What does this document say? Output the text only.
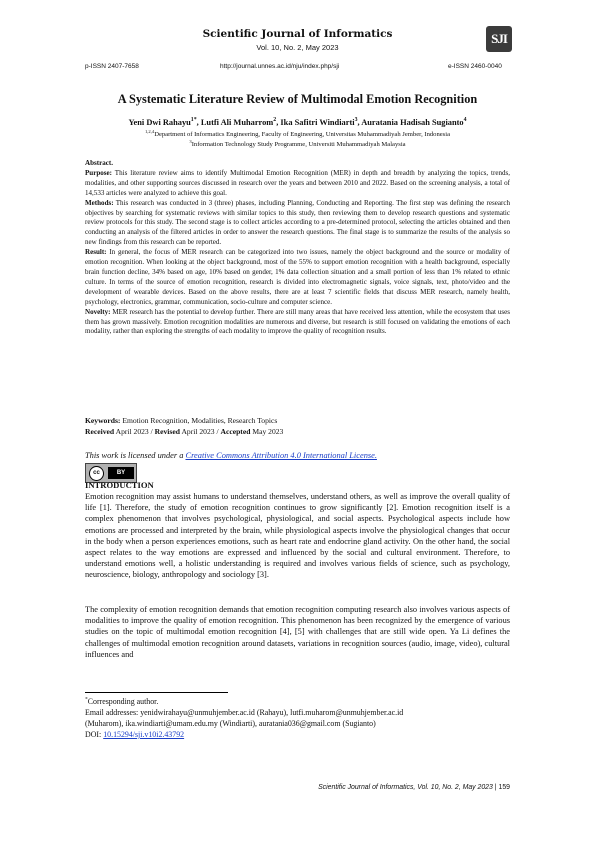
Scientific Journal of Informatics
Vol. 10, No. 2, May 2023
SJI
p-ISSN 2407-7658	http://journal.unnes.ac.id/nju/index.php/sji	e-ISSN 2460-0040
A Systematic Literature Review of Multimodal Emotion Recognition
Yeni Dwi Rahayu$^{1*}$, Lutfi Ali Muharrom$^2$, Ika Safitri Windiarti$^3$, Auratania Hadisah Sugianto$^4$
$^{1,2,4}$Department of Informatics Engineering, Faculty of Engineering, Universitas Muhammadiyah Jember, Indonesia
$^3$Information Technology Study Programme, Universiti Muhammadiyah Malaysia

Abstract.

Purpose: This literature review aims to identify Multimodal Emotion Recognition (MER) in depth and breadth by analyzing the topics, trends, modalities, and other supporting sources discussed in research over the years and between 2010 and 2022. Based on the screening analysis, a total of 14,533 articles were analyzed to achieve this goal.

Methods: This research was conducted in 3 (three) phases, including Planning, Conducting and Reporting. The first step was defining the research objectives by searching for systematic reviews with similar topics to this study, then reviewing them to develop research questions and systematic review protocols for this study. The second stage is to collect articles according to a pre-determined protocol, selecting the articles obtained and then conducting an analysis of the filtered articles in order to answer the research questions. The final stage is to summarize the results of the analysis so new findings from this research can be reported.

Result: In general, the focus of MER research can be categorized into two issues, namely the object background and the source or modality of emotion recognition. When looking at the object background, most of the 55% to support emotion recognition with a health background, especially brain function decline, 34% based on age, 10% based on gender, 1% data collection situation and a small portion of less than 1% related to ethnic culture. In terms of the source of emotion recognition, research is divided into electromagnetic signals, voice signals, text, photo/video and the development of wearable devices. Based on the above results, there are at least 7 scientific fields that discuss MER research, namely health, psychology, electronics, grammar, communication, socio-culture and computer science.

Novelty: MER research has the potential to develop further. There are still many areas that have received less attention, while the ecosystem that uses them has grown massively. Emotion recognition modalities are numerous and diverse, but research is still focused on validating the emotions of each modality, rather than exploring the strengths of each modality to improve the quality of recognition results.

Keywords: Emotion Recognition, Modalities, Research Topics
Received April 2023 / Revised April 2023 / Accepted May 2023
This work is licensed under a Creative Commons Attribution 4.0 International License.
cc	BY
INTRODUCTION
Emotion recognition may assist humans to understand themselves, understand others, as well as improve the overall quality of life [1]. Therefore, the study of emotion recognition continues to grow significantly [2]. Emotion recognition itself is a complex phenomenon that involves psychological, physiological, and social aspects. Psychological aspects include how emotions are processed and interpreted by the brain, while physiological aspects involve the physiological changes that occur in the body when a person experiences emotions, such as heart rate and endocrine gland activity. On the other hand, the social aspect relates to the way emotions are expressed and influenced by the social and cultural environment. Therefore, to understand emotions well, a holistic understanding is required and involves various fields of science, such as psychology, neuroscience, biology, anthropology and sociology [3].
The complexity of emotion recognition demands that emotion recognition computing research also involves various aspects of modalities to improve the quality of emotion recognition. This phenomenon has been recognized by the emergence of various studies on the topic of multimodal emotion recognition [4], [5] with challenges that are still wide open. Ya Li defines the challenges of multimodal emotion recognition around datasets, variations in recognition sources (audio, image, video), cultural influences and
*Corresponding author.
Email addresses: yenidwirahayu@unmuhjember.ac.id (Rahayu), lutfi.muharom@unmuhjember.ac.id
(Muharom), ika.windiarti@umam.edu.my (Windiarti), auratania036@gmail.com (Sugianto)
DOI: 10.15294/sji.v10i2.43792
Scientific Journal of Informatics, Vol. 10, No. 2, May 2023 | 159
